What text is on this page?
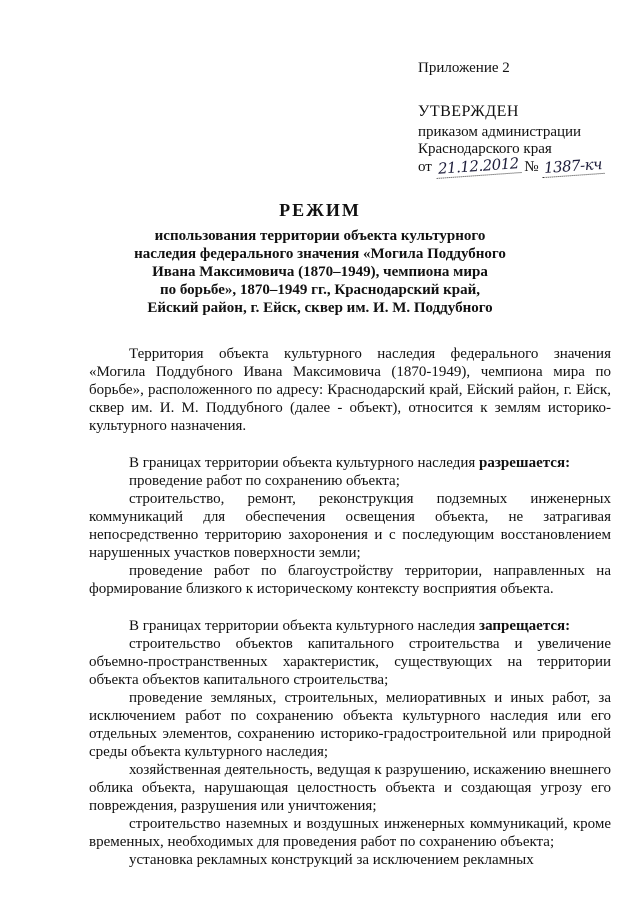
Приложение 2
УТВЕРЖДЕН
приказом администрации
Краснодарского края
от 21.12.2012 № 1387-кч
РЕЖИМ
использования территории объекта культурного
наследия федерального значения «Могила Поддубного
Ивана Максимовича (1870–1949), чемпиона мира
по борьбе», 1870–1949 гг., Краснодарский край,
Ейский район, г. Ейск, сквер им. И. М. Поддубного

Территория объекта культурного наследия федерального значения «Могила Поддубного Ивана Максимовича (1870-1949), чемпиона мира по борьбе», расположенного по адресу: Краснодарский край, Ейский район, г. Ейск, сквер им. И. М. Поддубного (далее - объект), относится к землям историко-культурного назначения.

В границах территории объекта культурного наследия разрешается:

проведение работ по сохранению объекта;

строительство, ремонт, реконструкция подземных инженерных коммуникаций для обеспечения освещения объекта, не затрагивая непосредственно территорию захоронения и с последующим восстановлением нарушенных участков поверхности земли;

проведение работ по благоустройству территории, направленных на формирование близкого к историческому контексту восприятия объекта.

В границах территории объекта культурного наследия запрещается:

строительство объектов капитального строительства и увеличение объемно-пространственных характеристик, существующих на территории объекта объектов капитального строительства;

проведение земляных, строительных, мелиоративных и иных работ, за исключением работ по сохранению объекта культурного наследия или его отдельных элементов, сохранению историко-градостроительной или природной среды объекта культурного наследия;

хозяйственная деятельность, ведущая к разрушению, искажению внешнего облика объекта, нарушающая целостность объекта и создающая угрозу его повреждения, разрушения или уничтожения;

строительство наземных и воздушных инженерных коммуникаций, кроме временных, необходимых для проведения работ по сохранению объекта;

установка рекламных конструкций за исключением рекламных
